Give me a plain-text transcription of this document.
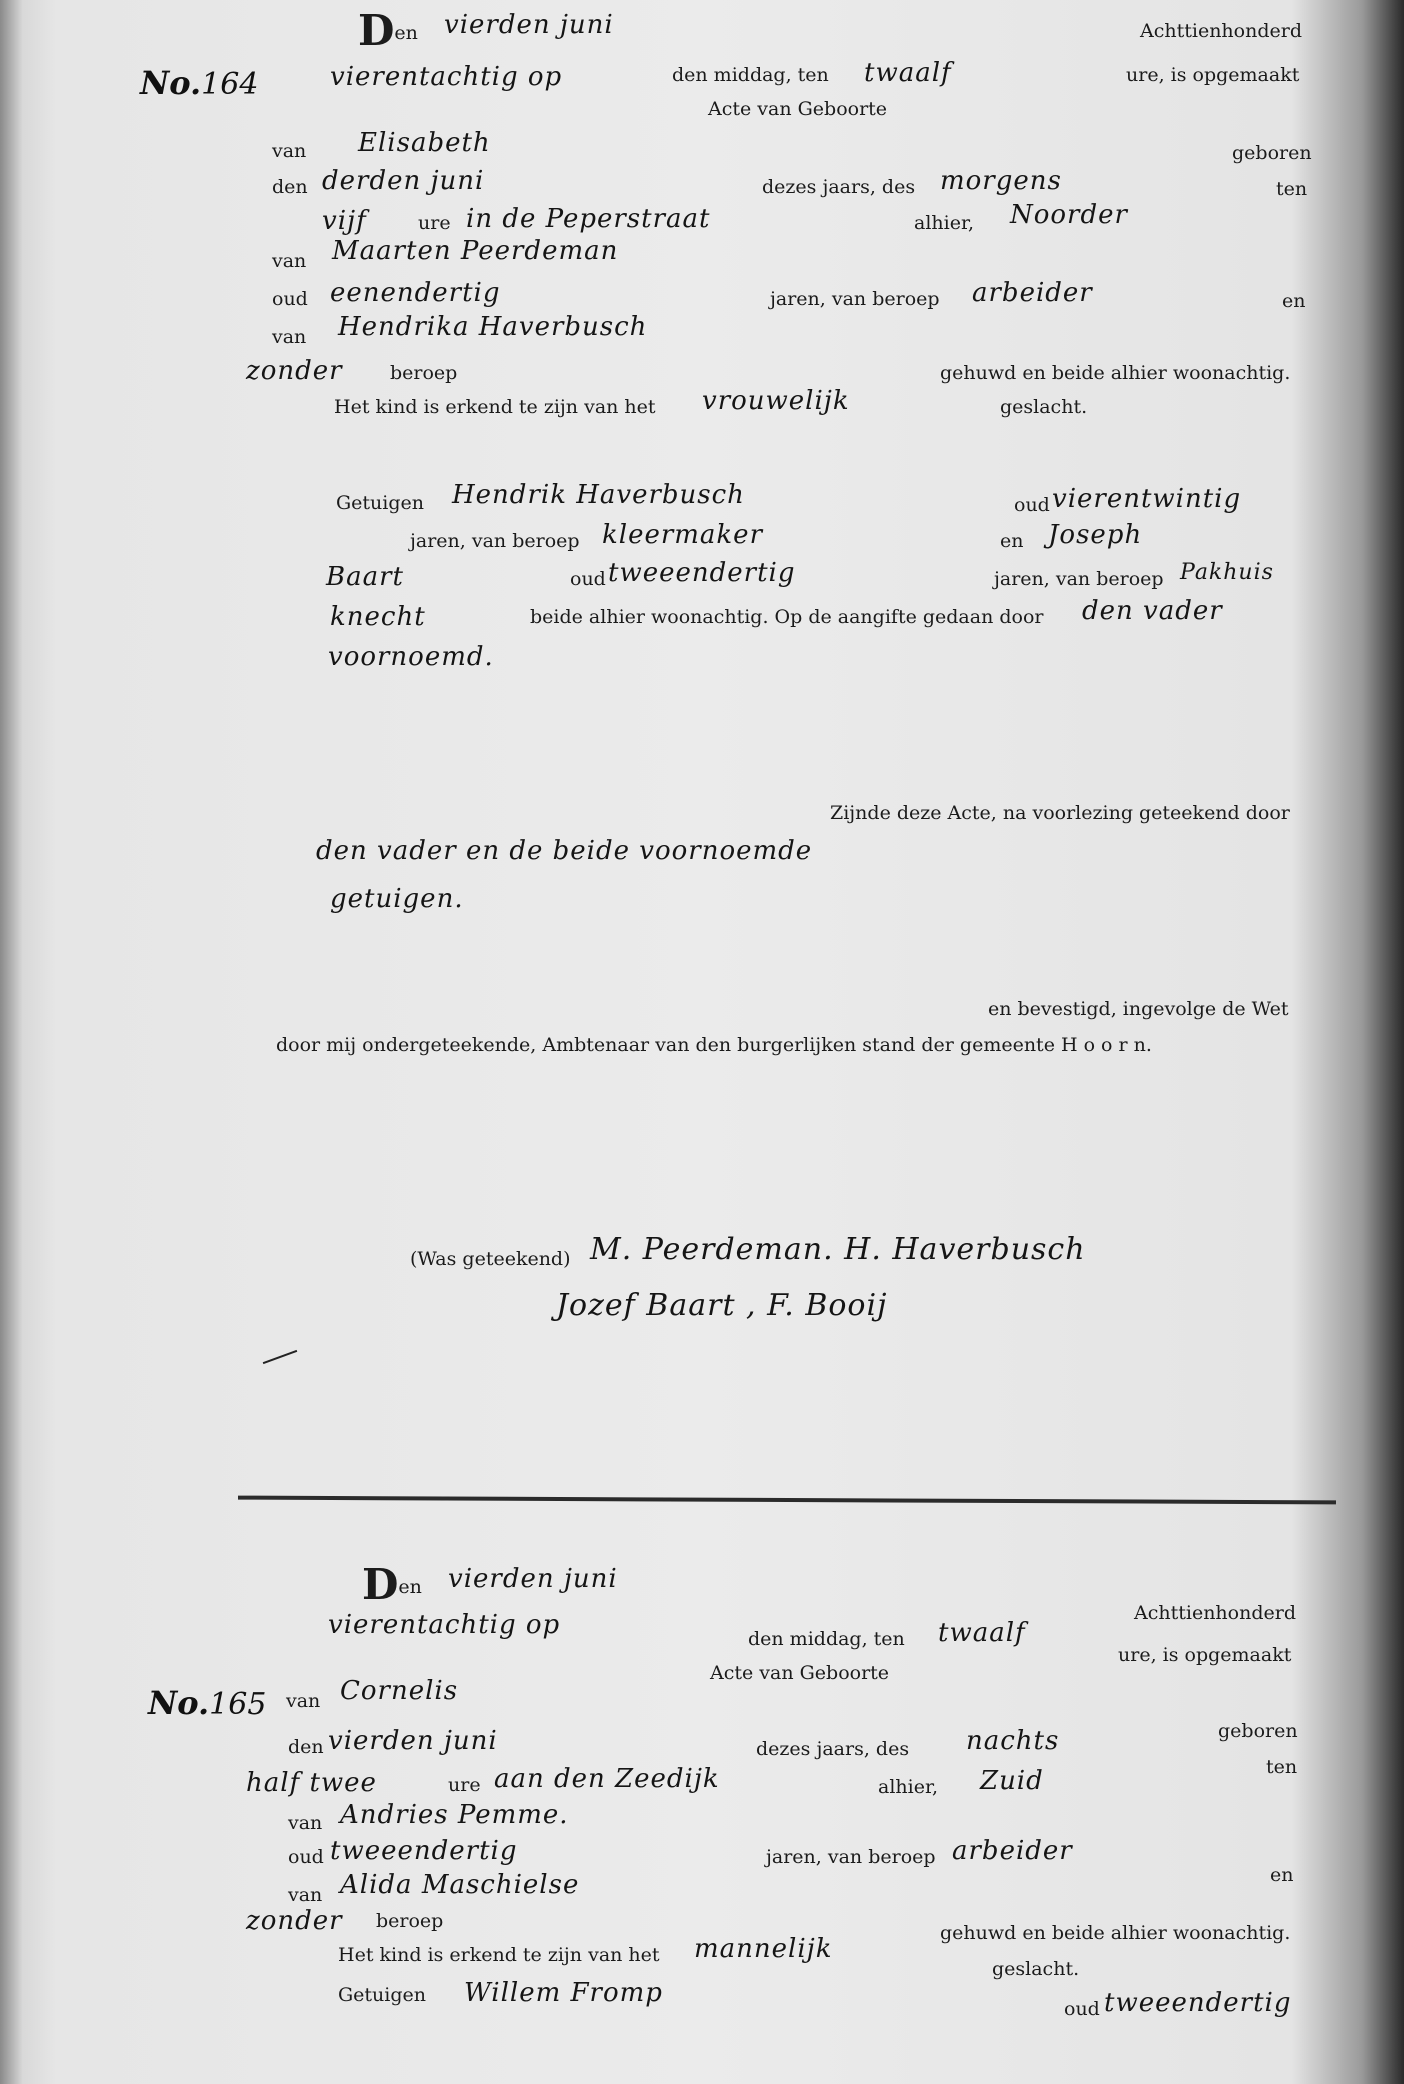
Den vierden juni	Achttienhonderd
No.164	vierentachtig op	den middag, ten twaalf	ure, is opgemaakt
Acte van Geboorte
van Elisabeth	geboren
den derden juni	dezes jaars, des morgens	ten
vijf	ure in de Peperstraat	alhier, Noorder
van Maarten Peerdeman
oud eenendertig	jaren, van beroep arbeider	en
van Hendrika Haverbusch
zonder beroep	gehuwd en beide alhier woonachtig.
Het kind is erkend te zijn van het vrouwelijk	geslacht.
Getuigen Hendrik Haverbusch	oud vierentwintig
jaren, van beroep kleermaker	en Joseph
Baart	oud tweeendertig	jaren, van beroep Pakhuis
knecht	beide alhier woonachtig. Op de aangifte gedaan door den vader
voornoemd.
Zijnde deze Acte, na voorlezing geteekend door
den vader en de beide voornoemde
getuigen.
en bevestigd, ingevolge de Wet
door mij ondergeteekende, Ambtenaar van den burgerlijken stand der gemeente H o o r n.
(Was geteekend) M. Peerdeman. H. Haverbusch
Jozef Baart , F. Booij
Den vierden juni
Achttienhonderd
vierentachtig op	den middag, ten twaalf
ure, is opgemaakt
Acte van Geboorte
No.165 van Cornelis
geboren
den vierden juni	dezes jaars, des nachts
ten
half twee	ure aan den Zeedijk	alhier, Zuid
van Andries Pemme.
oud tweeendertig	jaren, van beroep arbeider
van Alida Maschielse	en
zonder beroep
gehuwd en beide alhier woonachtig.
Het kind is erkend te zijn van het mannelijk
geslacht.
Getuigen Willem Fromp
oud tweeendertig
